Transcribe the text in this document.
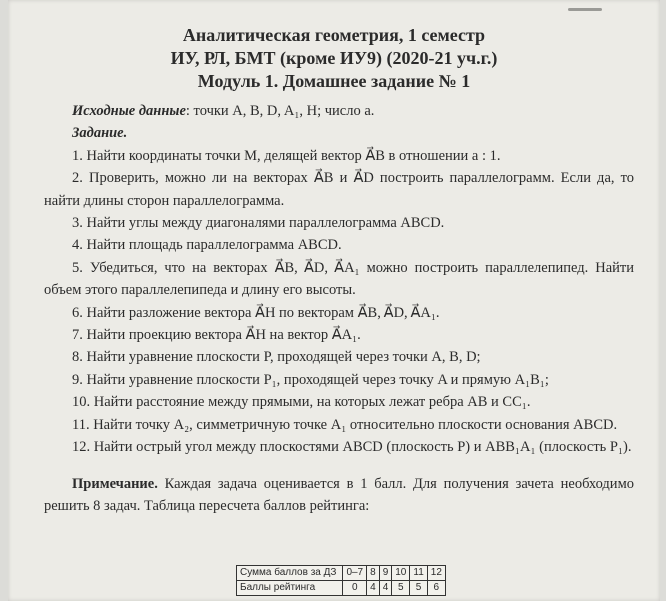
Аналитическая геометрия, 1 семестр
ИУ, РЛ, БМТ (кроме ИУ9) (2020-21 уч.г.)
Модуль 1. Домашнее задание № 1
Исходные данные: точки A, B, D, A₁, H; число a.
Задание.
1. Найти координаты точки M, делящей вектор A⃗B в отношении a : 1.
2. Проверить, можно ли на векторах A⃗B и A⃗D построить параллелограмм. Если да, то найти длины сторон параллелограмма.
3. Найти углы между диагоналями параллелограмма ABCD.
4. Найти площадь параллелограмма ABCD.
5. Убедиться, что на векторах A⃗B, A⃗D, A⃗A₁ можно построить параллелепипед. Найти объем этого параллелепипеда и длину его высоты.
6. Найти разложение вектора A⃗H по векторам A⃗B, A⃗D, A⃗A₁.
7. Найти проекцию вектора A⃗H на вектор A⃗A₁.
8. Найти уравнение плоскости P, проходящей через точки A, B, D;
9. Найти уравнение плоскости P₁, проходящей через точку A и прямую A₁B₁;
10. Найти расстояние между прямыми, на которых лежат ребра AB и CC₁.
11. Найти точку A₂, симметричную точке A₁ относительно плоскости основания ABCD.
12. Найти острый угол между плоскостями ABCD (плоскость P) и ABB₁A₁ (плоскость P₁).
Примечание. Каждая задача оценивается в 1 балл. Для получения зачета необходимо решить 8 задач. Таблица пересчета баллов рейтинга:
Сумма баллов за ДЗ	0–7	8	9	10	11	12
Баллы рейтинга	0	4	4	5	5	6
